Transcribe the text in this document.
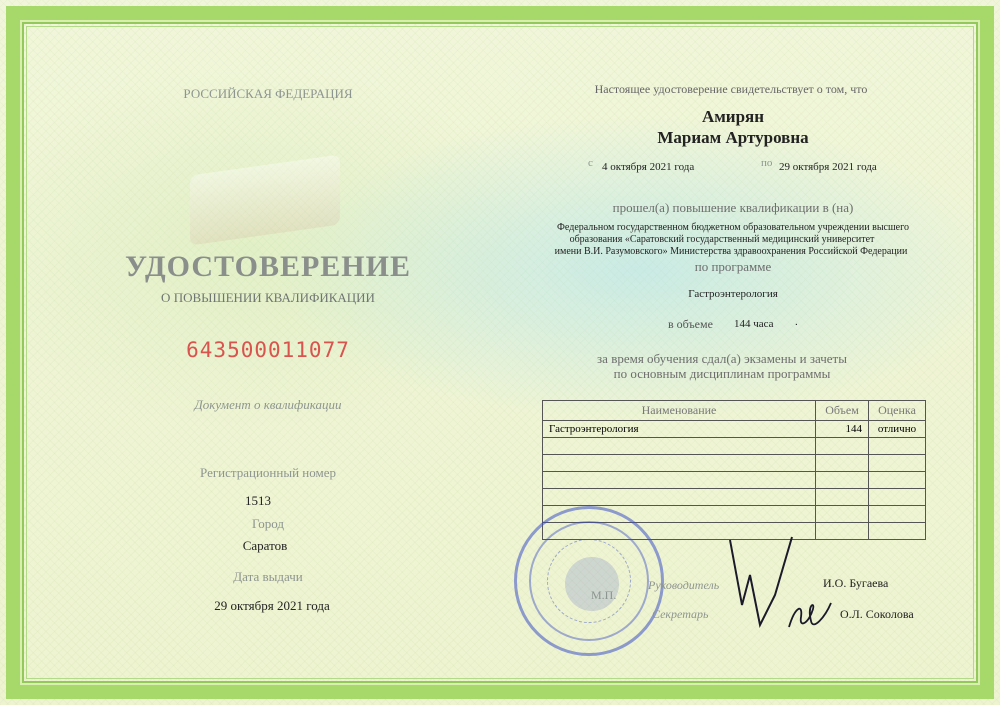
РОССИЙСКАЯ ФЕДЕРАЦИЯ
УДОСТОВЕРЕНИЕ
О ПОВЫШЕНИИ КВАЛИФИКАЦИИ
643500011077
Документ о квалификации
Регистрационный номер
1513
Город
Саратов
Дата выдачи
29 октября 2021 года
Настоящее удостоверение свидетельствует о том, что
Амирян
Мариам Артуровна
с 4 октября 2021 года	по 29 октября 2021 года
прошел(а) повышение квалификации в (на)
Федеральном государственном бюджетном образовательном учреждении высшего
образования «Саратовский государственный медицинский университет
имени В.И. Разумовского» Министерства здравоохранения Российской Федерации
по программе
Гастроэнтерология
в объеме 144 часа .
за время обучения сдал(а) экзамены и зачеты
по основным дисциплинам программы
Наименование	Объем	Оценка
Гастроэнтерология	144	отлично

М.П.
Руководитель	И.О. Бугаева
Секретарь	О.Л. Соколова
